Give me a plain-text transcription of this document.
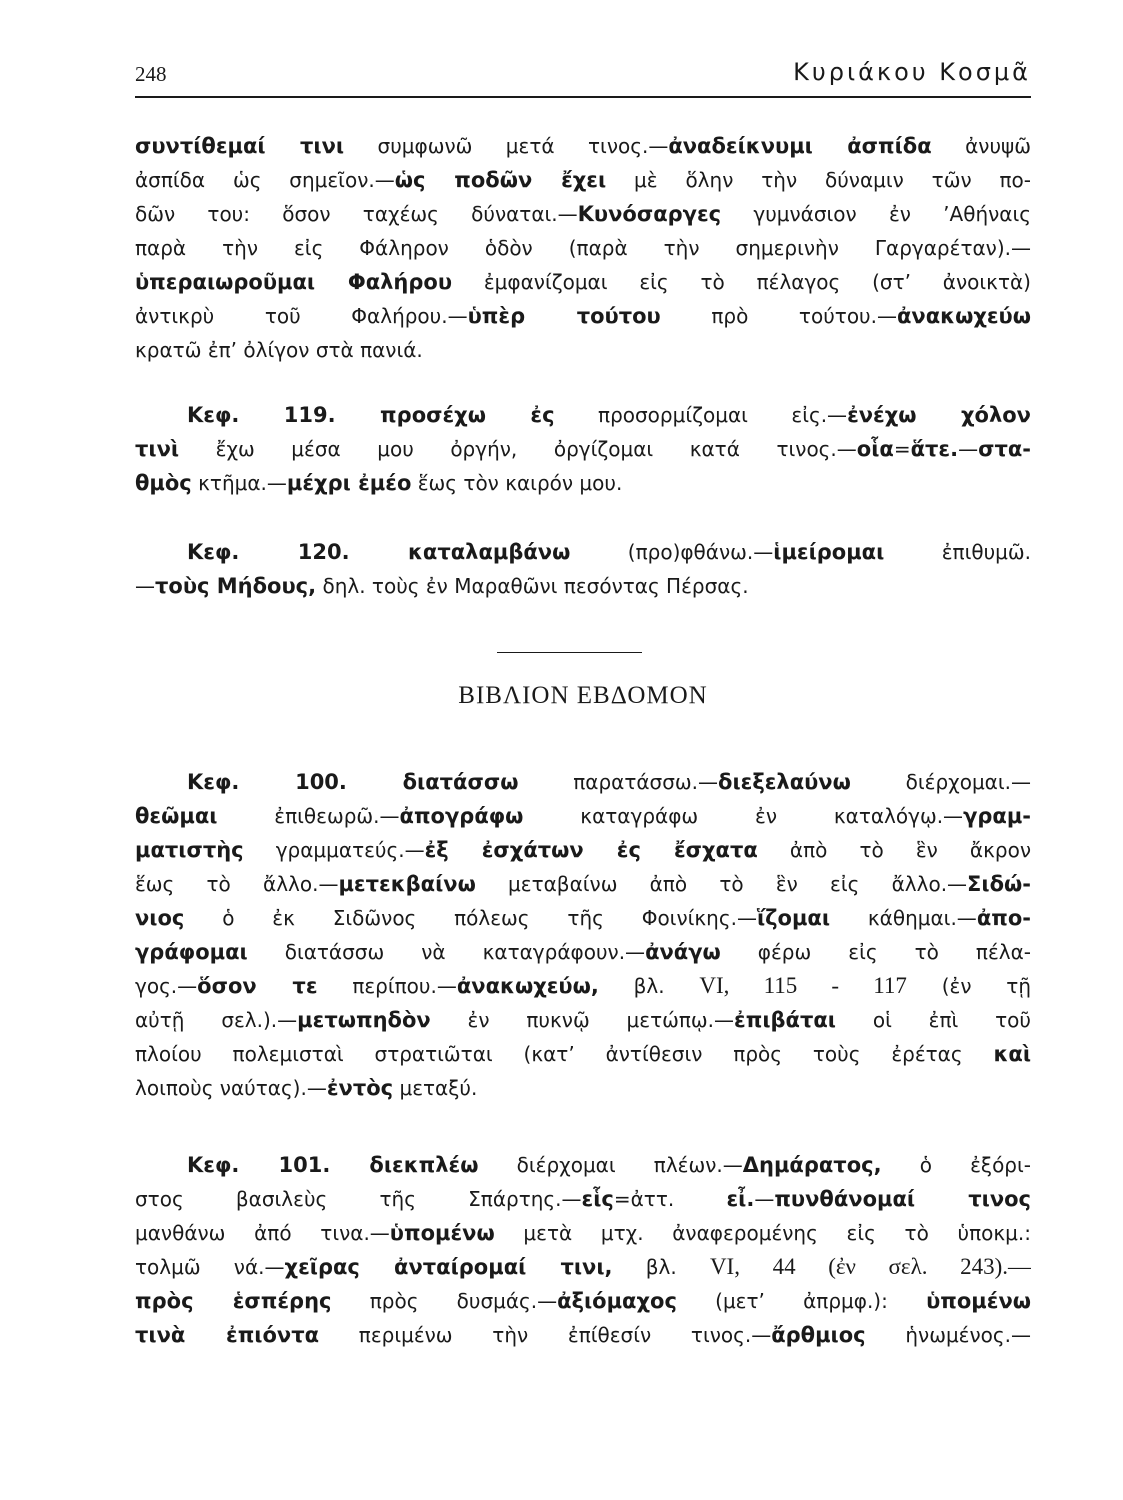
248	Κυριάκου Κοσμᾶ
συντίθεμαί τινι συμφωνῶ μετά τινος.—ἀναδείκνυμι ἀσπίδα ἀνυψῶ
ἀσπίδα ὡς σημεῖον.—ὡς ποδῶν ἔχει μὲ ὅλην τὴν δύναμιν τῶν πο-
δῶν του: ὅσον ταχέως δύναται.—Κυνόσαργες γυμνάσιον ἐν ’Αθήναις
παρὰ τὴν εἰς Φάληρον ὁδὸν (παρὰ τὴν σημερινὴν Γαργαρέταν).—
ὑπεραιωροῦμαι Φαλήρου ἐμφανίζομαι εἰς τὸ πέλαγος (στ’ ἀνοικτὰ)
ἀντικρὺ τοῦ Φαλήρου.—ὑπὲρ τούτου πρὸ τούτου.—ἀνακωχεύω
κρατῶ ἐπ’ ὀλίγον στὰ πανιά.
Κεφ. 119. προσέχω ἐς προσορμίζομαι εἰς.—ἐνέχω χόλον
τινὶ ἔχω μέσα μου ὀργήν, ὀργίζομαι κατά τινος.—οἷα=ἅτε.—στα-
θμὸς κτῆμα.—μέχρι ἐμέο ἕως τὸν καιρόν μου.
Κεφ. 120. καταλαμβάνω (προ)φθάνω.—ἱμείρομαι ἐπιθυμῶ.
—τοὺς Μήδους, δηλ. τοὺς ἐν Μαραθῶνι πεσόντας Πέρσας.
ΒΙΒΛΙΟΝ ΕΒΔΟΜΟΝ
Κεφ. 100. διατάσσω παρατάσσω.—διεξελαύνω διέρχομαι.—
θεῶμαι ἐπιθεωρῶ.—ἀπογράφω καταγράφω ἐν καταλόγῳ.—γραμ-
ματιστὴς γραμματεύς.—ἐξ ἐσχάτων ἐς ἔσχατα ἀπὸ τὸ ἓν ἄκρον
ἕως τὸ ἄλλο.—μετεκβαίνω μεταβαίνω ἀπὸ τὸ ἓν εἰς ἄλλο.—Σιδώ-
νιος ὁ ἐκ Σιδῶνος πόλεως τῆς Φοινίκης.—ἵζομαι κάθημαι.—ἀπο-
γράφομαι διατάσσω νὰ καταγράφουν.—ἀνάγω φέρω εἰς τὸ πέλα-
γος.—ὅσον τε περίπου.—ἀνακωχεύω, βλ. VI, 115 - 117 (ἐν τῇ
αὐτῇ σελ.).—μετωπηδὸν ἐν πυκνῷ μετώπῳ.—ἐπιβάται οἱ ἐπὶ τοῦ
πλοίου πολεμισταὶ στρατιῶται (κατ’ ἀντίθεσιν πρὸς τοὺς ἐρέτας καὶ
λοιποὺς ναύτας).—ἐντὸς μεταξύ.
Κεφ. 101. διεκπλέω διέρχομαι πλέων.—Δημάρατος, ὁ ἐξόρι-
στος βασιλεὺς τῆς Σπάρτης.—εἷς=ἀττ. εἶ.—πυνθάνομαί τινος
μανθάνω ἀπό τινα.—ὑπομένω μετὰ μτχ. ἀναφερομένης εἰς τὸ ὑποκμ.:
τολμῶ νά.—χεῖρας ἀνταίρομαί τινι, βλ. VI, 44 (ἐν σελ. 243).—
πρὸς ἑσπέρης πρὸς δυσμάς.—ἀξιόμαχος (μετ’ ἀπρμφ.): ὑπομένω
τινὰ ἐπιόντα περιμένω τὴν ἐπίθεσίν τινος.—ἄρθμιος ἡνωμένος.—
